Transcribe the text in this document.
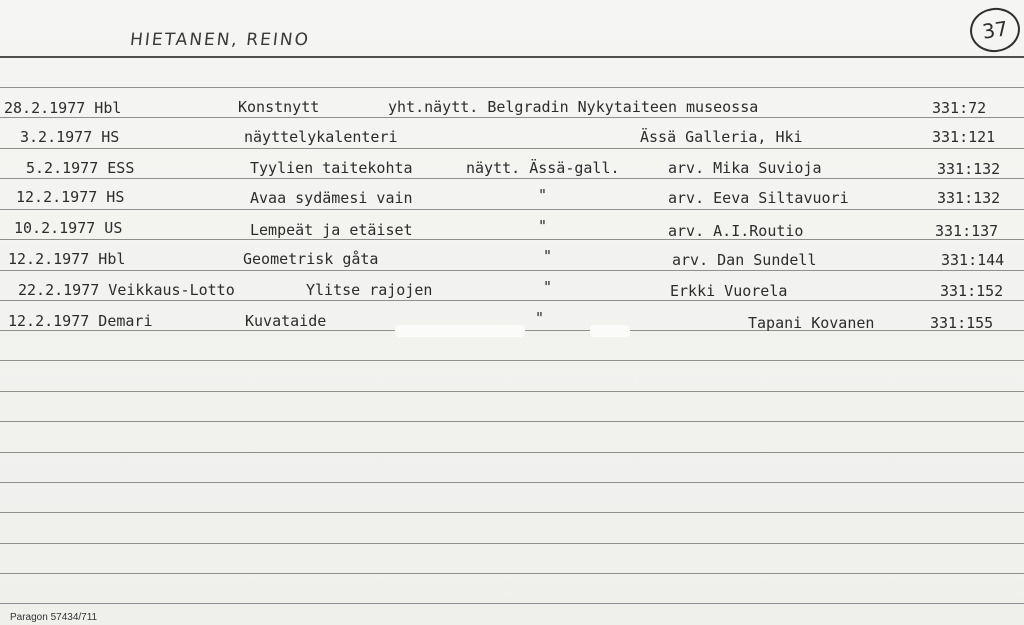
HIETANEN, REINO	37
28.2.1977 Hbl	Konstnytt	yht.näytt. Belgradin Nykytaiteen museossa	331:72
3.2.1977 HS	näyttelykalenteri	Ässä Galleria, Hki	331:121
5.2.1977 ESS	Tyylien taitekohta	näytt. Ässä-gall.	arv. Mika Suvioja	331:132
12.2.1977 HS	Avaa sydämesi vain	"	arv. Eeva Siltavuori	331:132
10.2.1977 US	Lempeät ja etäiset	"	arv. A.I.Routio	331:137
12.2.1977 Hbl	Geometrisk gåta	"	arv. Dan Sundell	331:144
22.2.1977 Veikkaus-Lotto	Ylitse rajojen	"	Erkki Vuorela	331:152
12.2.1977 Demari	Kuvataide	"	Tapani Kovanen	331:155
Paragon 57434/711
